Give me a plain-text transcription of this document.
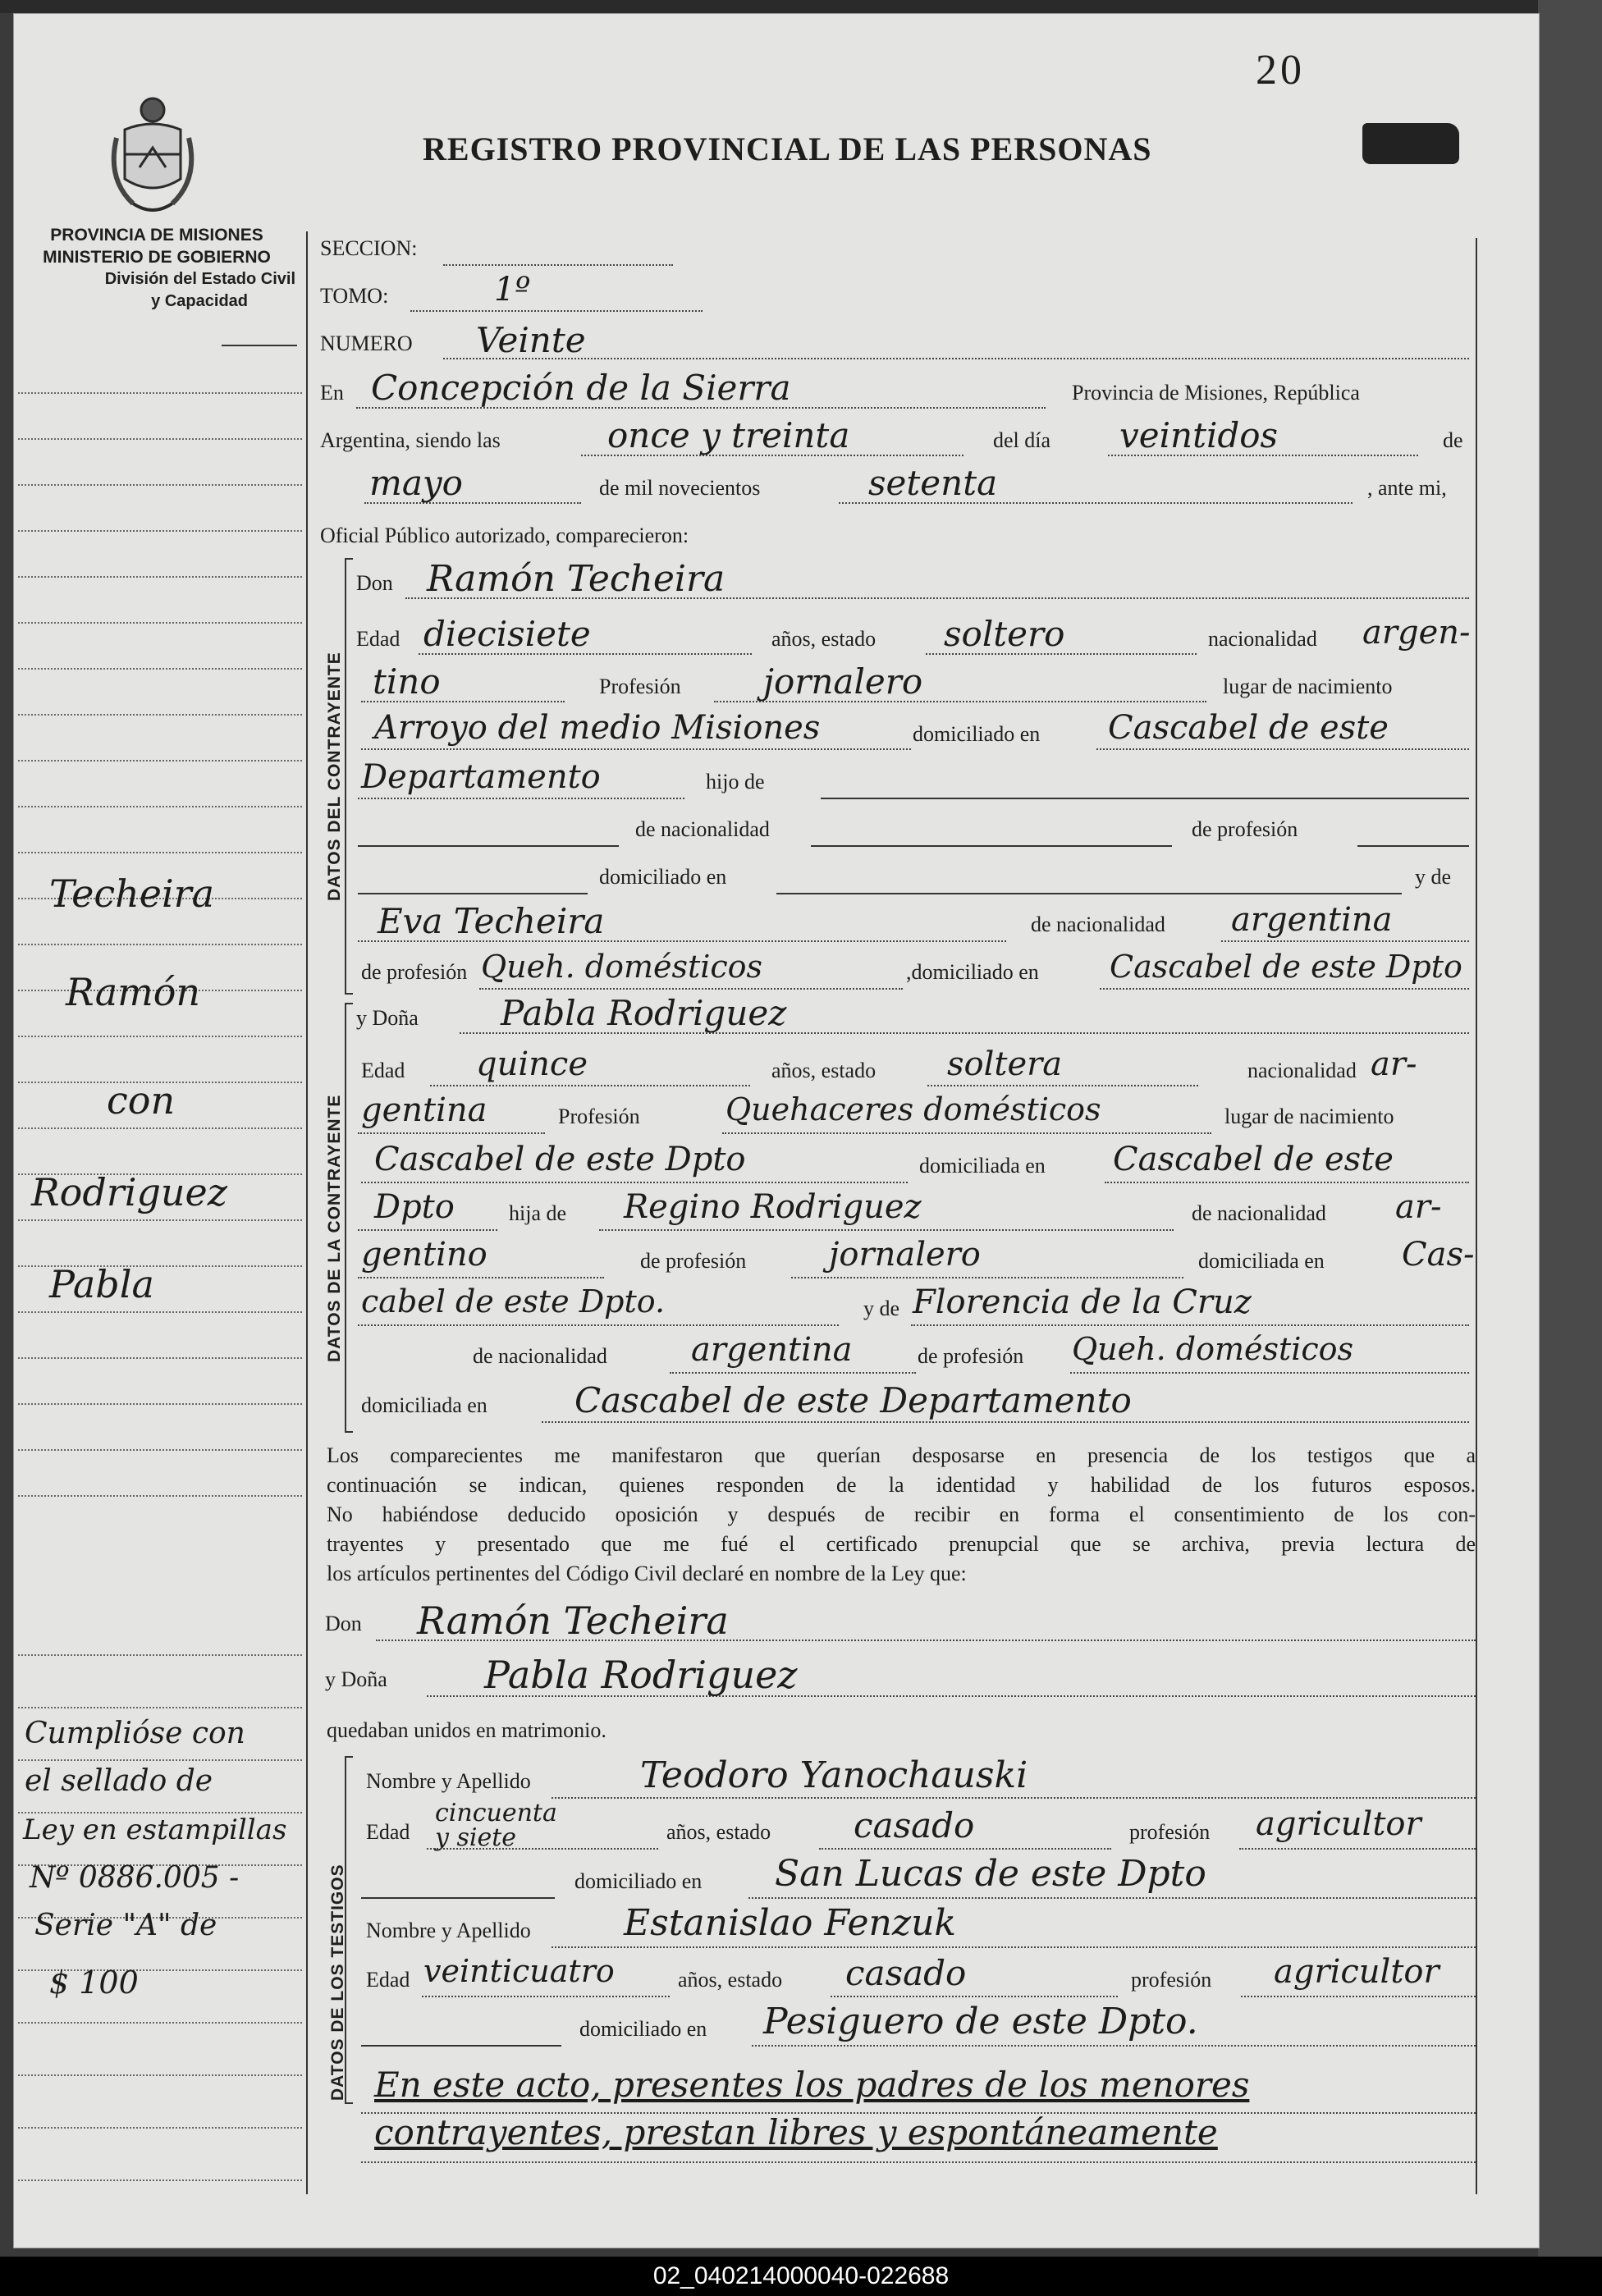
20
REGISTRO PROVINCIAL DE LAS PERSONAS
PROVINCIA DE MISIONES
MINISTERIO DE GOBIERNO
División del Estado Civil
y Capacidad
Techeira
Ramón
con
Rodriguez
Pabla
Cumplióse con
el sellado de
Ley en estampillas
Nº 0886.005 -
Serie "A" de
$ 100
SECCION:
TOMO:	1º
NUMERO Veinte
En Concepción de la Sierra	Provincia de Misiones, República
Argentina, siendo las	once y treinta	del día veintidos	de
mayo	de mil novecientos	setenta	, ante mi,
Oficial Público autorizado, comparecieron:
DATOS DEL CONTRAYENTE
Don Ramón Techeira
Edad diecisiete	años, estado soltero	nacionalidad argen-
tino	Profesión jornalero	lugar de nacimiento
Arroyo del medio Misiones	domiciliado en Cascabel de este
Departamento	hijo de
de nacionalidad	de profesión
domiciliado en	y de
Eva Techeira	de nacionalidad argentina
de profesión Queh. domésticos	,domiciliado en Cascabel de este Dpto
DATOS DE LA CONTRAYENTE
y Doña Pabla Rodriguez
Edad quince	años, estado soltera	nacionalidad ar-
gentina	Profesión	Quehaceres domésticos	lugar de nacimiento
Cascabel de este Dpto	domiciliada en Cascabel de este
Dpto	hija de Regino Rodriguez	de nacionalidad ar-
gentino	de profesión	jornalero	domiciliada en Cas-
cabel de este Dpto.	y de Florencia de la Cruz
de nacionalidad	argentina	de profesión Queh. domésticos
domiciliada en	Cascabel de este Departamento
Los comparecientes me manifestaron que querían desposarse en presencia de los testigos que a
continuación se indican, quienes responden de la identidad y habilidad de los futuros esposos.
No habiéndose deducido oposición y después de recibir en forma el consentimiento de los con-
trayentes y presentado que me fué el certificado prenupcial que se archiva, previa lectura de
los artículos pertinentes del Código Civil declaré en nombre de la Ley que:
Don Ramón Techeira
y Doña	Pabla Rodriguez
quedaban unidos en matrimonio.
DATOS DE LOS TESTIGOS
Nombre y Apellido	Teodoro Yanochauski
Edad
cincuenta
y siete	años, estado casado	profesión agricultor
domiciliado en San Lucas de este Dpto
Nombre y Apellido	Estanislao Fenzuk
Edad veinticuatro	años, estado casado	profesión agricultor
domiciliado en Pesiguero de este Dpto.
En este acto, presentes los padres de los menores
contrayentes, prestan libres y espontáneamente
02_040214000040-022688
